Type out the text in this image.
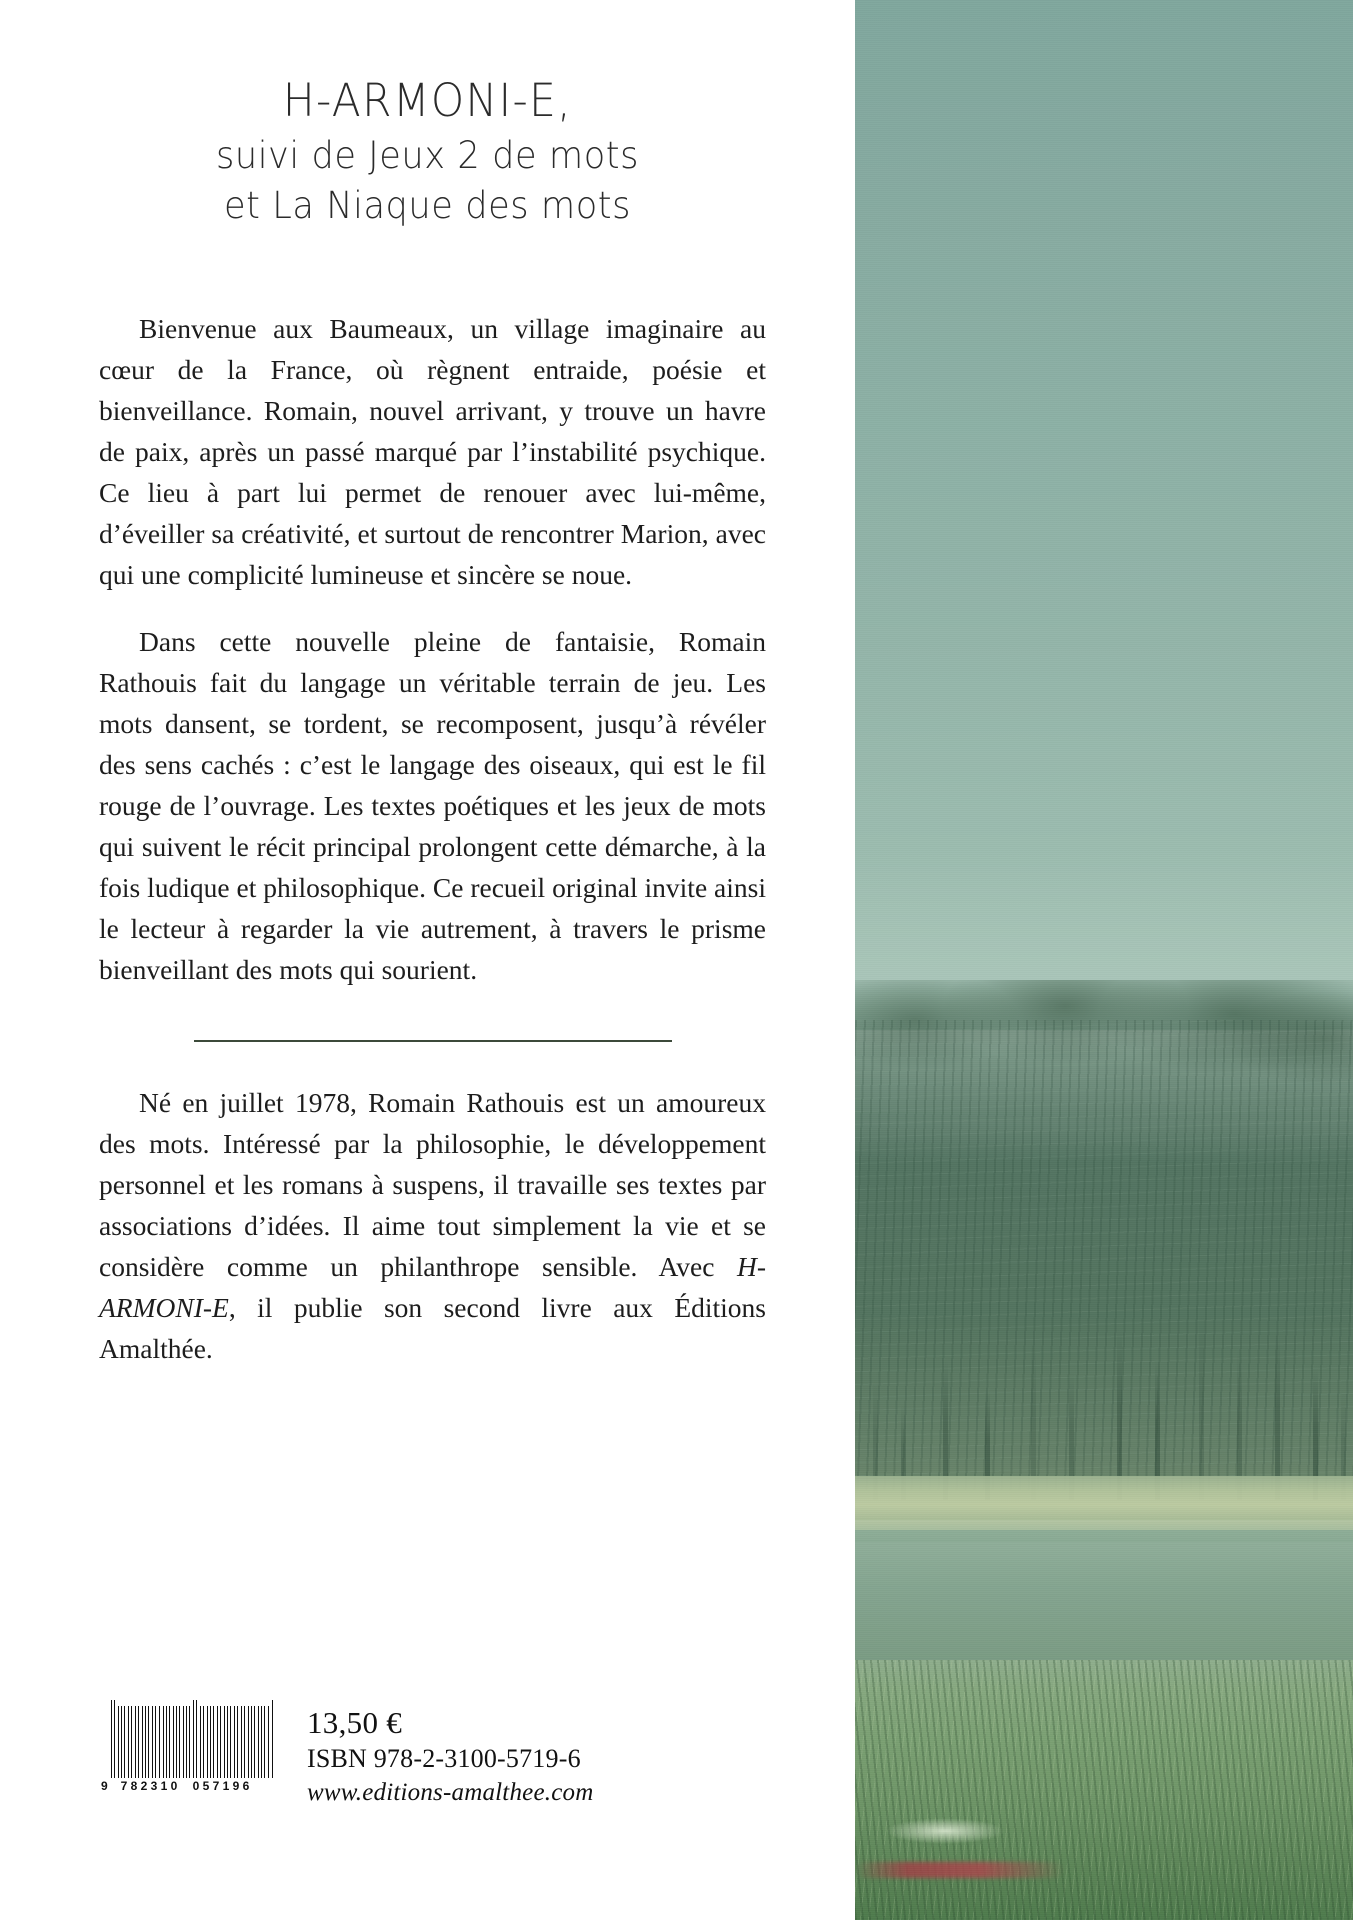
H-ARMONI-E,
suivi de Jeux 2 de mots
et La Niaque des mots

Bienvenue aux Baumeaux, un village imaginaire au cœur de la France, où règnent entraide, poésie et bienveillance. Romain, nouvel arrivant, y trouve un havre de paix, après un passé marqué par l’instabilité psychique. Ce lieu à part lui permet de renouer avec lui-même, d’éveiller sa créativité, et surtout de rencontrer Marion, avec qui une complicité lumineuse et sincère se noue.

Dans cette nouvelle pleine de fantaisie, Romain Rathouis fait du langage un véritable terrain de jeu. Les mots dansent, se tordent, se recomposent, jusqu’à révéler des sens cachés : c’est le langage des oiseaux, qui est le fil rouge de l’ouvrage. Les textes poétiques et les jeux de mots qui suivent le récit principal prolongent cette démarche, à la fois ludique et philosophique. Ce recueil original invite ainsi le lecteur à regarder la vie autrement, à travers le prisme bienveillant des mots qui sourient.

Né en juillet 1978, Romain Rathouis est un amoureux des mots. Intéressé par la philosophie, le développement personnel et les romans à suspens, il travaille ses textes par associations d’idées. Il aime tout simplement la vie et se considère comme un philanthrope sensible. Avec H-ARMONI-E, il publie son second livre aux Éditions Amalthée.

9	7 8 2 3 1 0	0 5 7 1 9 6
13,50 €
ISBN 978-2-3100-5719-6
www.editions-amalthee.com
